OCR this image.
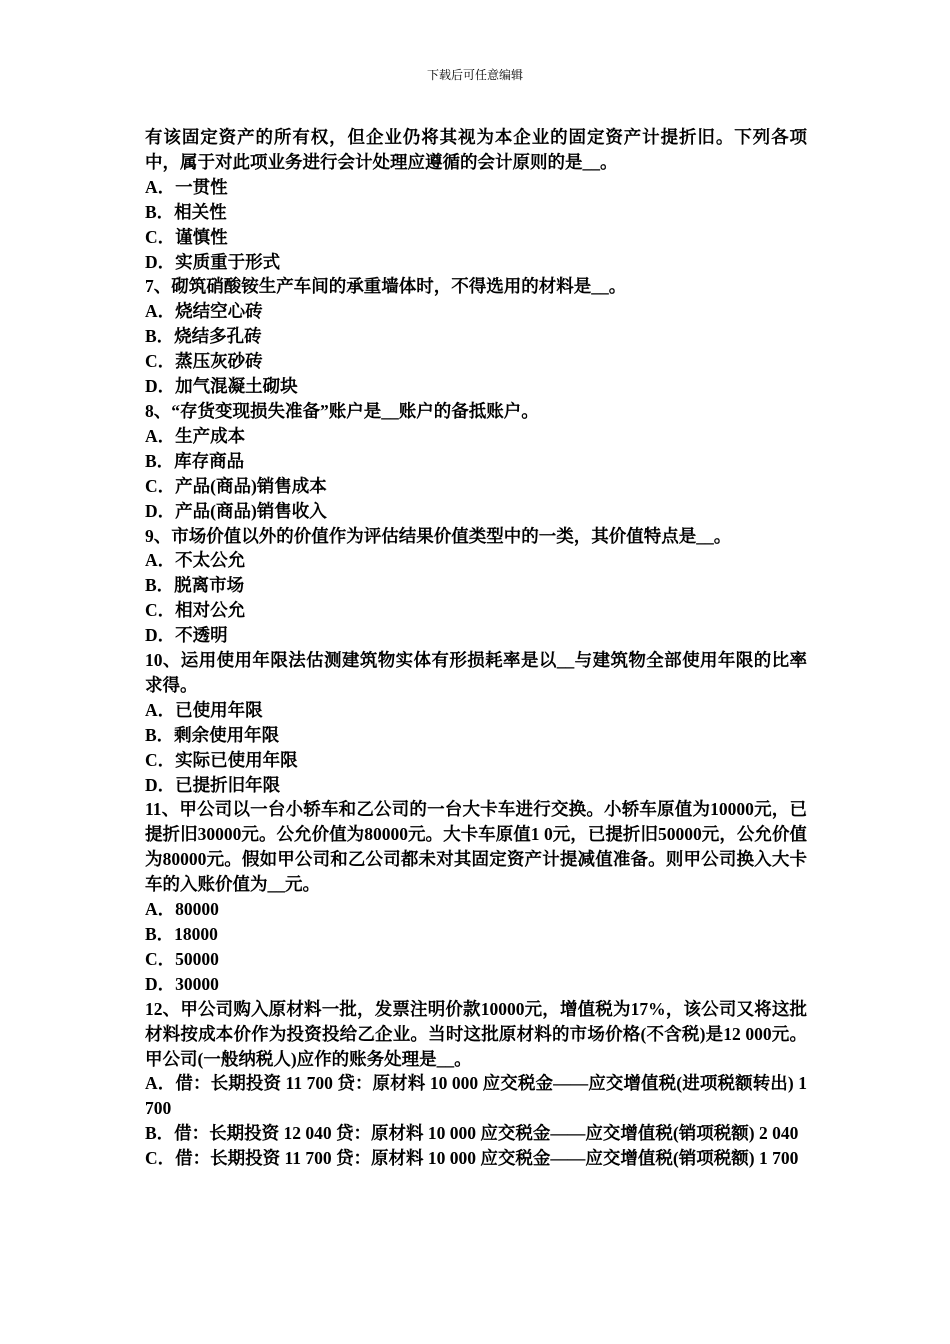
下载后可任意编辑

有该固定资产的所有权，但企业仍将其视为本企业的固定资产计提折旧。下列各项中，属于对此项业务进行会计处理应遵循的会计原则的是__。

A．一贯性

B．相关性

C．谨慎性

D．实质重于形式

7、砌筑硝酸铵生产车间的承重墙体时，不得选用的材料是__。

A．烧结空心砖

B．烧结多孔砖

C．蒸压灰砂砖

D．加气混凝土砌块

8、“存货变现损失准备”账户是__账户的备抵账户。

A．生产成本

B．库存商品

C．产品(商品)销售成本

D．产品(商品)销售收入

9、市场价值以外的价值作为评估结果价值类型中的一类，其价值特点是__。

A．不太公允

B．脱离市场

C．相对公允

D．不透明

10、运用使用年限法估测建筑物实体有形损耗率是以__与建筑物全部使用年限的比率求得。

A．已使用年限

B．剩余使用年限

C．实际已使用年限

D．已提折旧年限

11、甲公司以一台小轿车和乙公司的一台大卡车进行交换。小轿车原值为10000元，已提折旧30000元。公允价值为80000元。大卡车原值1 0元，已提折旧50000元，公允价值为80000元。假如甲公司和乙公司都未对其固定资产计提减值准备。则甲公司换入大卡车的入账价值为__元。

A．80000

B．18000

C．50000

D．30000

12、甲公司购入原材料一批，发票注明价款10000元，增值税为17%，该公司又将这批材料按成本价作为投资投给乙企业。当时这批原材料的市场价格(不含税)是12 000元。甲公司(一般纳税人)应作的账务处理是__。

A．借：长期投资 11 700 贷：原材料 10 000 应交税金——应交增值税(进项税额转出) 1 700

B．借：长期投资 12 040 贷：原材料 10 000 应交税金——应交增值税(销项税额) 2 040

C．借：长期投资 11 700 贷：原材料 10 000 应交税金——应交增值税(销项税额) 1 700
